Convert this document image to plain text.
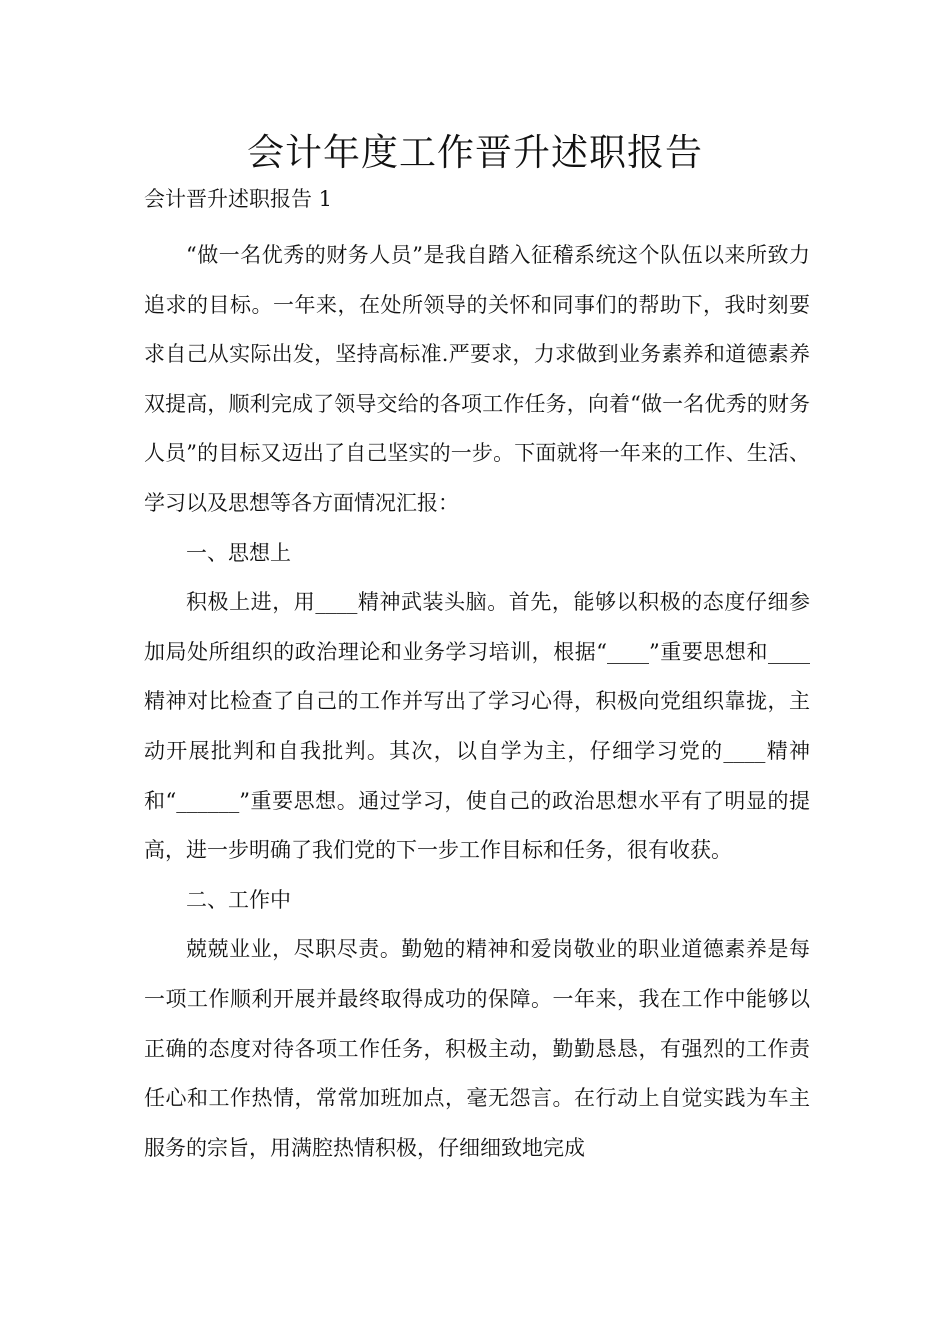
会计年度工作晋升述职报告
会计晋升述职报告 1

“做一名优秀的财务人员”是我自踏入征稽系统这个队伍以来所致力追求的目标。一年来，在处所领导的关怀和同事们的帮助下，我时刻要求自己从实际出发，坚持高标准.严要求，力求做到业务素养和道德素养双提高，顺利完成了领导交给的各项工作任务，向着“做一名优秀的财务人员”的目标又迈出了自己坚实的一步。下面就将一年来的工作、生活、学习以及思想等各方面情况汇报：

一、思想上

积极上进，用____精神武装头脑。首先，能够以积极的态度仔细参加局处所组织的政治理论和业务学习培训，根据“____”重要思想和____精神对比检查了自己的工作并写出了学习心得，积极向党组织靠拢，主动开展批判和自我批判。其次，以自学为主，仔细学习党的____精神和“______”重要思想。通过学习，使自己的政治思想水平有了明显的提高，进一步明确了我们党的下一步工作目标和任务，很有收获。

二、工作中

兢兢业业，尽职尽责。勤勉的精神和爱岗敬业的职业道德素养是每一项工作顺利开展并最终取得成功的保障。一年来，我在工作中能够以正确的态度对待各项工作任务，积极主动，勤勤恳恳，有强烈的工作责任心和工作热情，常常加班加点，毫无怨言。在行动上自觉实践为车主服务的宗旨，用满腔热情积极，仔细细致地完成
